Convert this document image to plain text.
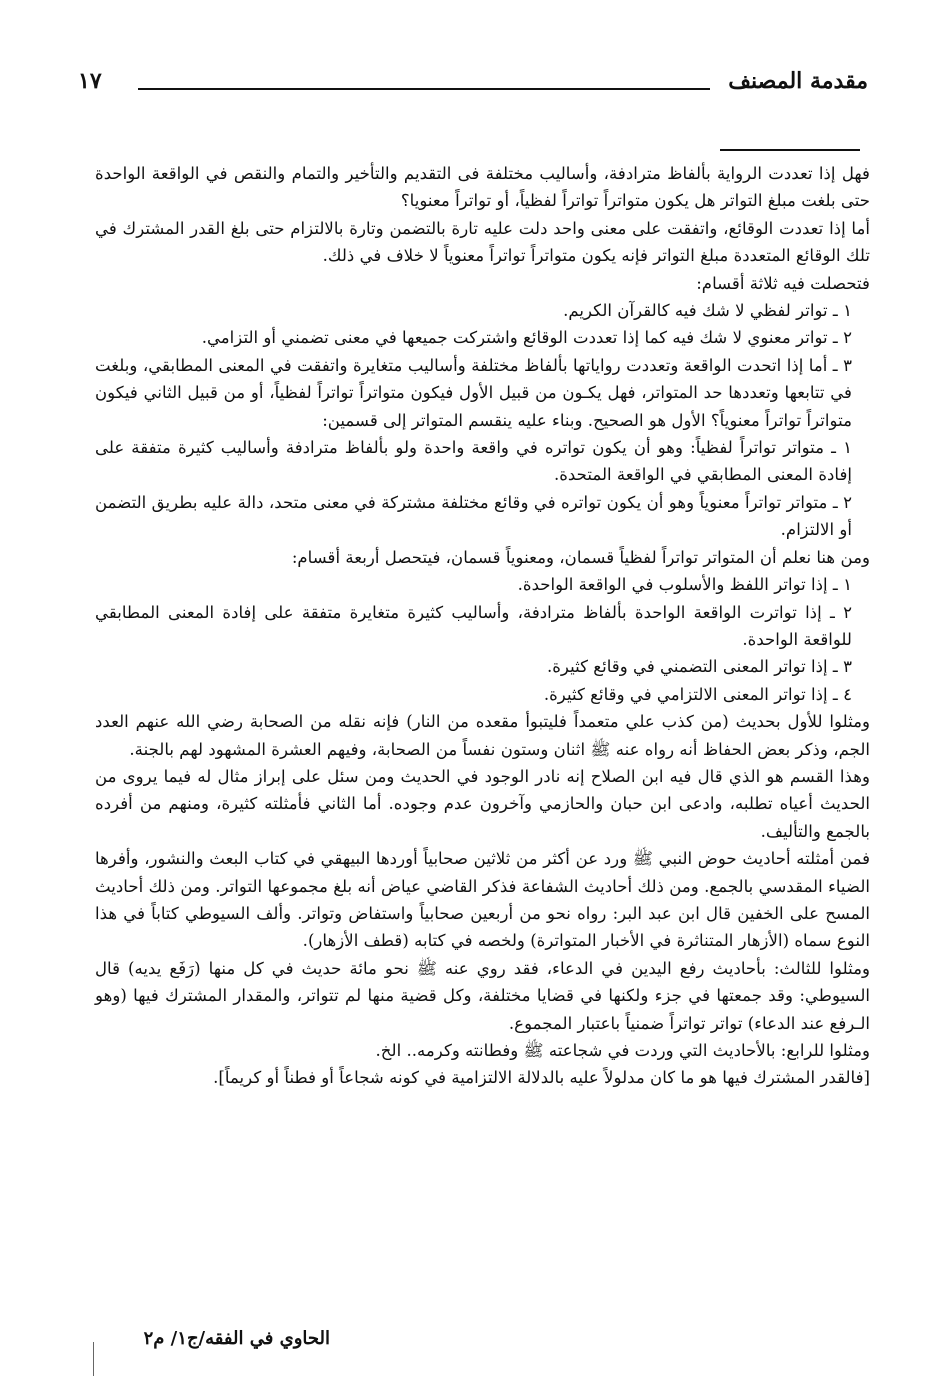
مقدمة المصنف
١٧

فهل إذا تعددت الرواية بألفاظ مترادفة، وأساليب مختلفة فى التقديم والتأخير والتمام والنقص في الواقعة الواحدة حتى بلغت مبلغ التواتر هل يكون متواتراً تواتراً لفظياً، أو تواتراً معنويا؟

أما إذا تعددت الوقائع، واتفقت على معنى واحد دلت عليه تارة بالتضمن وتارة بالالتزام حتى بلغ القدر المشترك في تلك الوقائع المتعددة مبلغ التواتر فإنه يكون متواتراً تواتراً معنوياً لا خلاف في ذلك.

فتحصلت فيه ثلاثة أقسام:

١ ـ تواتر لفظي لا شك فيه كالقرآن الكريم.

٢ ـ تواتر معنوي لا شك فيه كما إذا تعددت الوقائع واشتركت جميعها في معنى تضمني أو التزامي.

٣ ـ أما إذا اتحدت الواقعة وتعددت رواياتها بألفاظ مختلفة وأساليب متغايرة واتفقت في المعنى المطابقي، وبلغت في تتابعها وتعددها حد المتواتر، فهل يكـون من قبيل الأول فيكون متواتراً تواتراً لفظياً، أو من قبيل الثاني فيكون متواتراً تواتراً معنوياً؟ الأول هو الصحيح. وبناء عليه ينقسم المتواتر إلى قسمين:

١ ـ متواتر تواتراً لفظياً: وهو أن يكون تواتره في واقعة واحدة ولو بألفاظ مترادفة وأساليب كثيرة متفقة على إفادة المعنى المطابقي في الواقعة المتحدة.

٢ ـ متواتر تواتراً معنوياً وهو أن يكون تواتره في وقائع مختلفة مشتركة في معنى متحد، دالة عليه بطريق التضمن أو الالتزام.

ومن هنا نعلم أن المتواتر تواتراً لفظياً قسمان، ومعنوياً قسمان، فيتحصل أربعة أقسام:

١ ـ إذا تواتر اللفظ والأسلوب في الواقعة الواحدة.

٢ ـ إذا تواترت الواقعة الواحدة بألفاظ مترادفة، وأساليب كثيرة متغايرة متفقة على إفادة المعنى المطابقي للواقعة الواحدة.

٣ ـ إذا تواتر المعنى التضمني في وقائع كثيرة.

٤ ـ إذا تواتر المعنى الالتزامي في وقائع كثيرة.

ومثلوا للأول بحديث (من كذب علي متعمداً فليتبوأ مقعده من النار) فإنه نقله من الصحابة رضي الله عنهم العدد الجم، وذكر بعض الحفاظ أنه رواه عنه ﷺ اثنان وستون نفساً من الصحابة، وفيهم العشرة المشهود لهم بالجنة.

وهذا القسم هو الذي قال فيه ابن الصلاح إنه نادر الوجود في الحديث ومن سئل على إبراز مثال له فيما يروى من الحديث أعياه تطلبه، وادعى ابن حبان والحازمي وآخرون عدم وجوده. أما الثاني فأمثلته كثيرة، ومنهم من أفرده بالجمع والتأليف.

فمن أمثلته أحاديث حوض النبي ﷺ ورد عن أكثر من ثلاثين صحابياً أوردها البيهقي في كتاب البعث والنشور، وأفرها الضياء المقدسي بالجمع. ومن ذلك أحاديث الشفاعة فذكر القاضي عياض أنه بلغ مجموعها التواتر. ومن ذلك أحاديث المسح على الخفين قال ابن عبد البر: رواه نحو من أربعين صحابياً واستفاض وتواتر. وألف السيوطي كتاباً في هذا النوع سماه (الأزهار المتناثرة في الأخبار المتواترة) ولخصه في كتابه (قطف الأزهار).

ومثلوا للثالث: بأحاديث رفع اليدين في الدعاء، فقد روي عنه ﷺ نحو مائة حديث في كل منها (رَفَع يديه) قال السيوطي: وقد جمعتها في جزء ولكنها في قضايا مختلفة، وكل قضية منها لم تتواتر، والمقدار المشترك فيها (وهو الـرفع عند الدعاء) تواتر تواتراً ضمنياً باعتبار المجموع.

ومثلوا للرابع: بالأحاديث التي وردت في شجاعته ﷺ وفطانته وكرمه.. الخ.

[فالقدر المشترك فيها هو ما كان مدلولاً عليه بالدلالة الالتزامية في كونه شجاعاً أو فطناً أو كريماً].

الحاوي في الفقه/ج١/ م٢
